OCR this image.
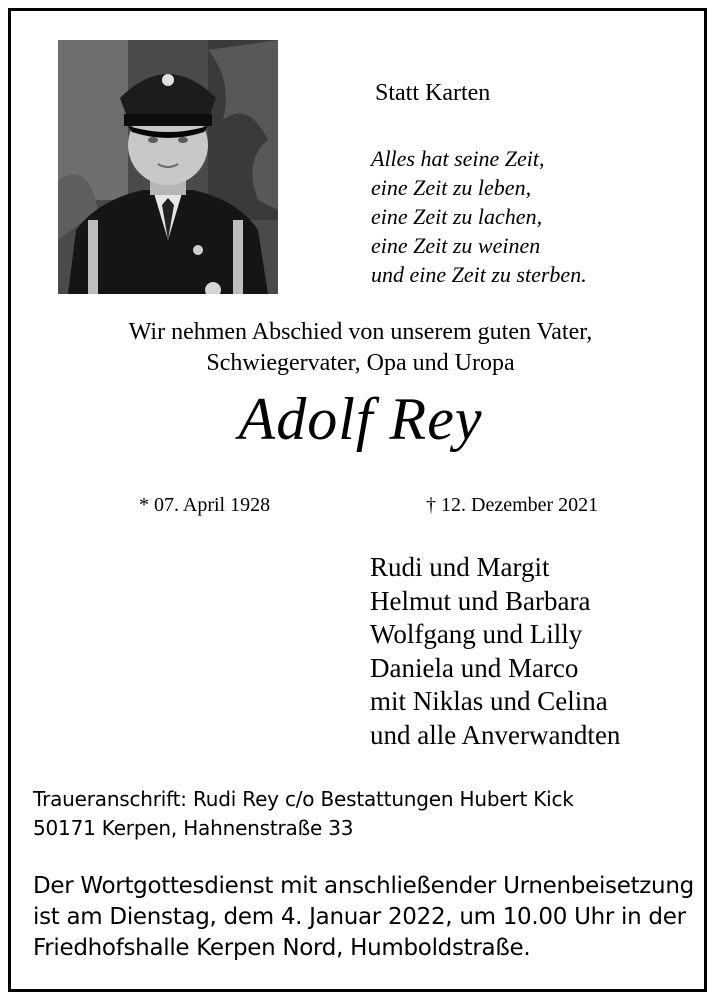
Statt Karten
Alles hat seine Zeit,
eine Zeit zu leben,
eine Zeit zu lachen,
eine Zeit zu weinen
und eine Zeit zu sterben.
Wir nehmen Abschied von unserem guten Vater,
Schwiegervater, Opa und Uropa
Adolf Rey
* 07. April 1928	† 12. Dezember 2021
Rudi und Margit
Helmut und Barbara
Wolfgang und Lilly
Daniela und Marco
mit Niklas und Celina
und alle Anverwandten
Traueranschrift: Rudi Rey c/o Bestattungen Hubert Kick
50171 Kerpen, Hahnenstraße 33
Der Wortgottesdienst mit anschließender Urnenbeisetzung
ist am Dienstag, dem 4. Januar 2022, um 10.00 Uhr in der
Friedhofshalle Kerpen Nord, Humboldstraße.
